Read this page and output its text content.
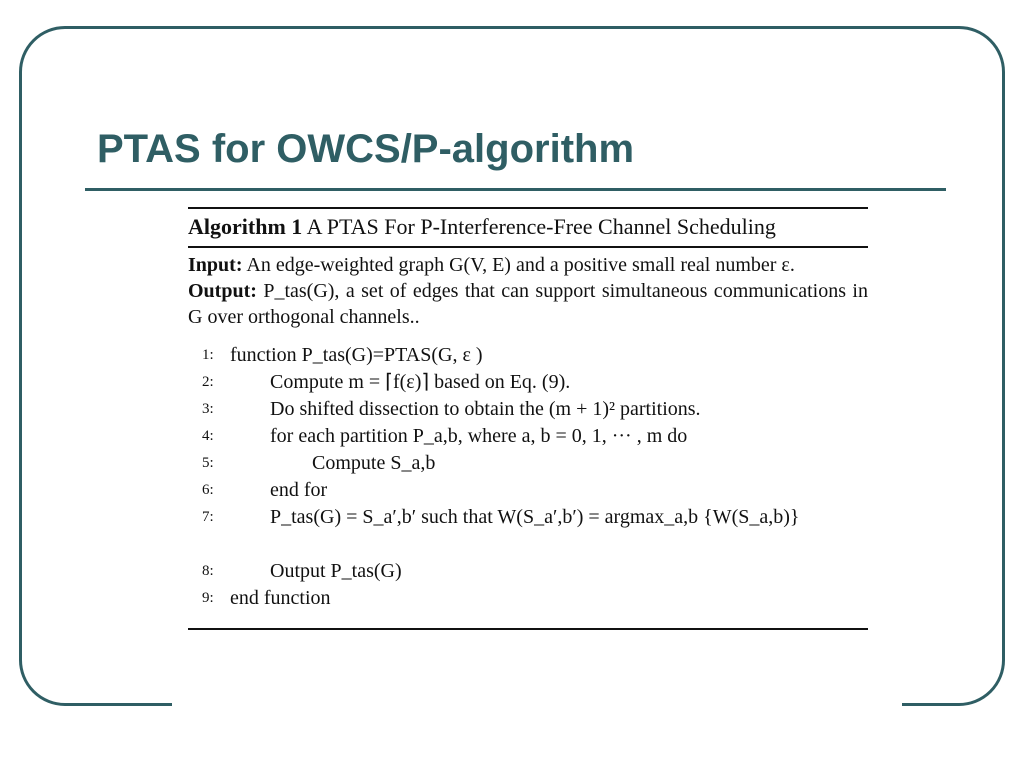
PTAS for OWCS/P-algorithm
Algorithm 1 A PTAS For P-Interference-Free Channel Scheduling

Input: An edge-weighted graph G(V, E) and a positive small real number ε.

Output: P_tas(G), a set of edges that can support simultaneous communications in G over orthogonal channels..

1: function P_tas(G)=PTAS(G, ε )
2:	Compute m = ⌈f(ε)⌉ based on Eq. (9).
3:	Do shifted dissection to obtain the (m + 1)² partitions.
4:	for each partition P_a,b, where a, b = 0, 1, ··· , m do
5:	Compute S_a,b
6:	end for
7:	P_tas(G) = S_a′,b′ such that W(S_a′,b′) = argmax_a,b {W(S_a,b)}
8:	Output P_tas(G)
9: end function
